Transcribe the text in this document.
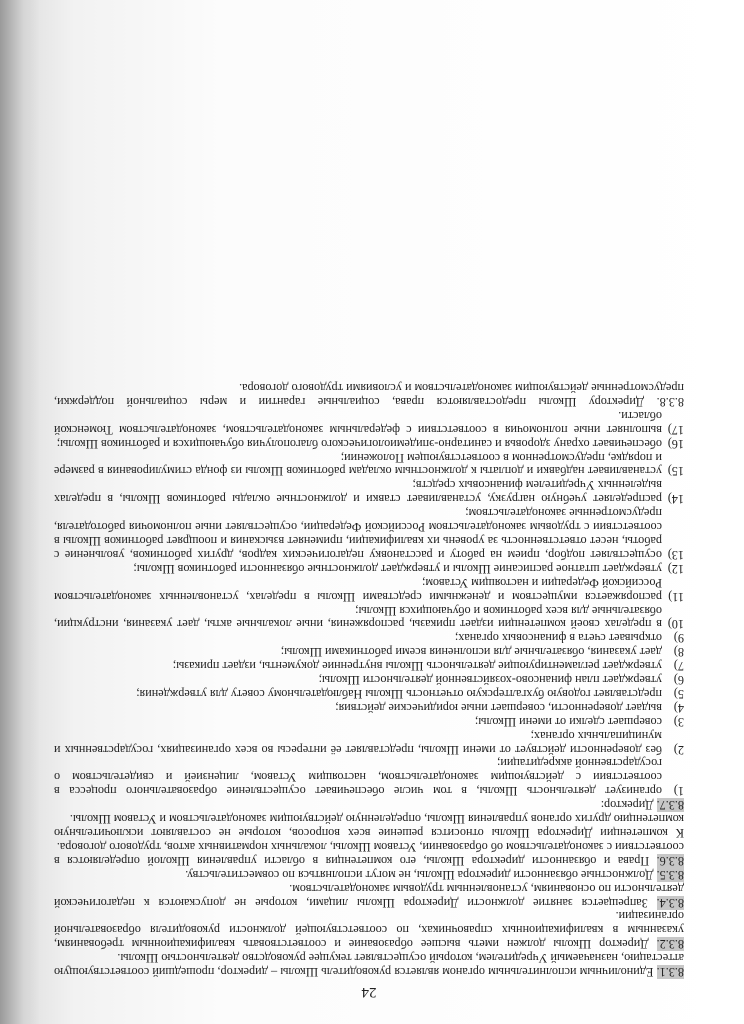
24

8.3.1. Единоличным исполнительным органом является руководитель Школы – директор, прошедший соответствующую аттестацию, назначаемый Учредителем, который осуществляет текущее руководство деятельностью Школы.

8.3.2. Директор Школы должен иметь высшее образование и соответствовать квалификационным требованиям, указанным в квалификационных справочниках, по соответствующей должности руководителя образовательной организации.

8.3.4. Запрещается занятие должности Директора Школы лицами, которые не допускаются к педагогической деятельности по основаниям, установленным трудовым законодательством.

8.3.5. Должностные обязанности директора Школы, не могут исполняться по совместительству.

8.3.6. Права и обязанности директора Школы, его компетенция в области управления Школой определяются в соответствии с законодательством об образовании, Уставом Школы, локальных нормативных актов, трудового договора.

К компетенции Директора Школы относится решение всех вопросов, которые не составляют исключительную компетенцию других органов управления Школы, определенную действующим законодательством и Уставом Школы.

8.3.7. Директор:

1)
организует деятельность Школы, в том числе обеспечивает осуществление образовательного процесса в соответствии с действующим законодательством, настоящим Уставом, лицензией и свидетельством о государственной аккредитации;
2)
без доверенности действует от имени Школы, представляет её интересы во всех организациях, государственных и муниципальных органах;
3)
совершает сделки от имени Школы;
4)
выдает доверенности, совершает иные юридические действия;
5)
представляет годовую бухгалтерскую отчетность Школы Наблюдательному совету для утверждения;
6)
утверждает план финансово-хозяйственной деятельности Школы;
7)
утверждает регламентирующие деятельность Школы внутренние документы, издает приказы;
8)
дает указания, обязательные для исполнения всеми работниками Школы;
9)
открывает счета в финансовых органах;
10)
в пределах своей компетенции издает приказы, распоряжения, иные локальные акты, дает указания, инструкции, обязательные для всех работников и обучающихся Школы;
11)
распоряжается имуществом и денежными средствами Школы в пределах, установленных законодательством Российской Федерации и настоящим Уставом;
12)
утверждает штатное расписание Школы и утверждает должностные обязанности работников Школы;
13)
осуществляет подбор, прием на работу и расстановку педагогических кадров, других работников, увольнение с работы, несет ответственность за уровень их квалификации, применяет взыскания и поощряет работников Школы в соответствии с трудовым законодательством Российской Федерации, осуществляет иные полномочия работодателя, предусмотренные законодательством;
14)
распределяет учебную нагрузку, устанавливает ставки и должностные оклады работников Школы, в пределах выделенных Учредителем финансовых средств;
15)
устанавливает надбавки и доплаты к должностным окладам работников Школы из фонда стимулирования в размере и порядке, предусмотренном в соответствующем Положении;
16)
обеспечивает охрану здоровья и санитарно-эпидемиологического благополучия обучающихся и работников Школы;
17)
выполняет иные полномочия в соответствии с федеральным законодательством, законодательством Тюменской области.

8.3.8. Директору Школы предоставляются права, социальные гарантии и меры социальной поддержки, предусмотренные действующим законодательством и условиями трудового договора.
